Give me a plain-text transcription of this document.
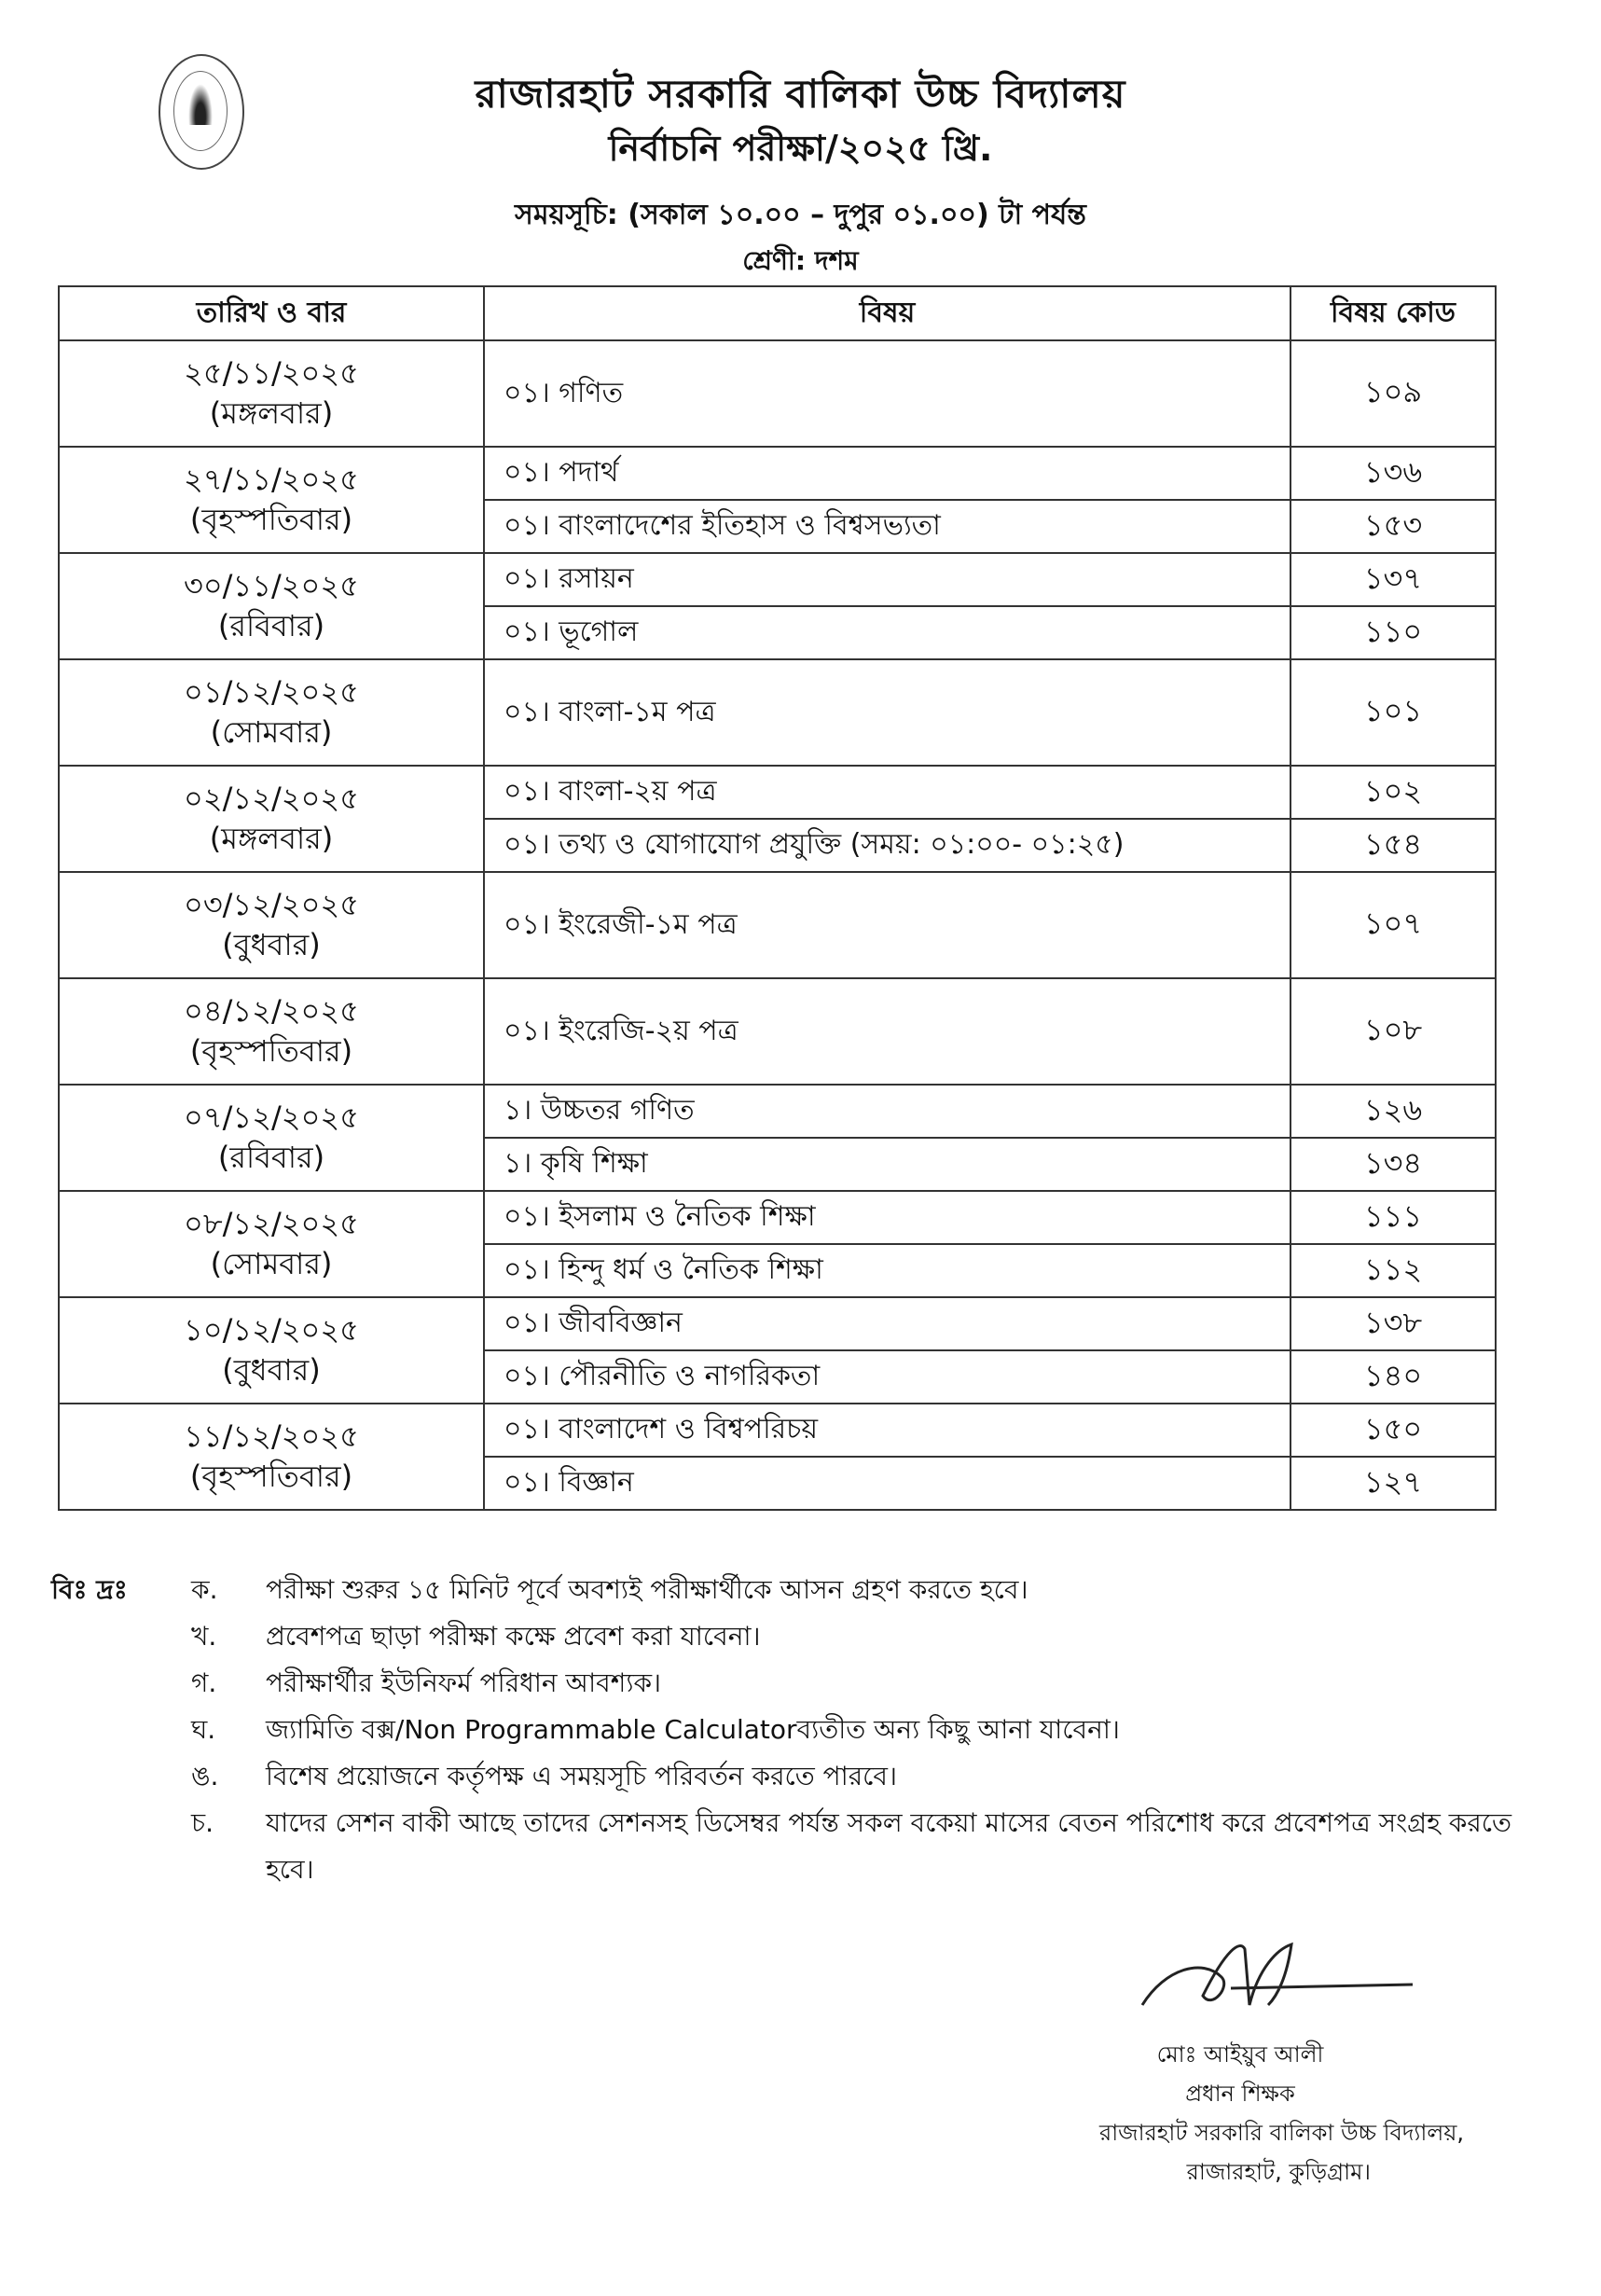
রাজারহাট সরকারি বালিকা উচ্চ বিদ্যালয়
নির্বাচনি পরীক্ষা/২০২৫ খ্রি.
সময়সূচি: (সকাল ১০.০০ – দুপুর ০১.০০) টা পর্যন্ত
শ্রেণী: দশম
তারিখ ও বার	বিষয়	বিষয় কোড

২৫/১১/২০২৫
(মঙ্গলবার)	০১। গণিত	১০৯

২৭/১১/২০২৫
(বৃহস্পতিবার)	০১। পদার্থ	১৩৬
	০১। বাংলাদেশের ইতিহাস ও বিশ্বসভ্যতা	১৫৩

৩০/১১/২০২৫
(রবিবার)	০১। রসায়ন	১৩৭
	০১। ভূগোল	১১০

০১/১২/২০২৫
(সোমবার)	০১। বাংলা-১ম পত্র	১০১

০২/১২/২০২৫
(মঙ্গলবার)	০১। বাংলা-২য় পত্র	১০২
	০১। তথ্য ও যোগাযোগ প্রযুক্তি (সময়: ০১:০০- ০১:২৫)	১৫৪

০৩/১২/২০২৫
(বুধবার)	০১। ইংরেজী-১ম পত্র	১০৭

০৪/১২/২০২৫
(বৃহস্পতিবার)	০১। ইংরেজি-২য় পত্র	১০৮

০৭/১২/২০২৫
(রবিবার)	১। উচ্চতর গণিত	১২৬
	১। কৃষি শিক্ষা	১৩৪

০৮/১২/২০২৫
(সোমবার)	০১। ইসলাম ও নৈতিক শিক্ষা	১১১
	০১। হিন্দু ধর্ম ও নৈতিক শিক্ষা	১১২

১০/১২/২০২৫
(বুধবার)	০১। জীববিজ্ঞান	১৩৮
	০১। পৌরনীতি ও নাগরিকতা	১৪০

১১/১২/২০২৫
(বৃহস্পতিবার)	০১। বাংলাদেশ ও বিশ্বপরিচয়	১৫০
	০১। বিজ্ঞান	১২৭
বিঃ দ্রঃ ক. পরীক্ষা শুরুর ১৫ মিনিট পূর্বে অবশ্যই পরীক্ষার্থীকে আসন গ্রহণ করতে হবে।
খ. প্রবেশপত্র ছাড়া পরীক্ষা কক্ষে প্রবেশ করা যাবেনা।
গ. পরীক্ষার্থীর ইউনিফর্ম পরিধান আবশ্যক।
ঘ. জ্যামিতি বক্স/Non Programmable Calculatorব্যতীত অন্য কিছু আনা যাবেনা।
ঙ. বিশেষ প্রয়োজনে কর্তৃপক্ষ এ সময়সূচি পরিবর্তন করতে পারবে।
চ. যাদের সেশন বাকী আছে তাদের সেশনসহ ডিসেম্বর পর্যন্ত সকল বকেয়া মাসের বেতন পরিশোধ করে প্রবেশপত্র সংগ্রহ করতে হবে।
মোঃ আইয়ুব আলী
প্রধান শিক্ষক
রাজারহাট সরকারি বালিকা উচ্চ বিদ্যালয়,
রাজারহাট, কুড়িগ্রাম।
